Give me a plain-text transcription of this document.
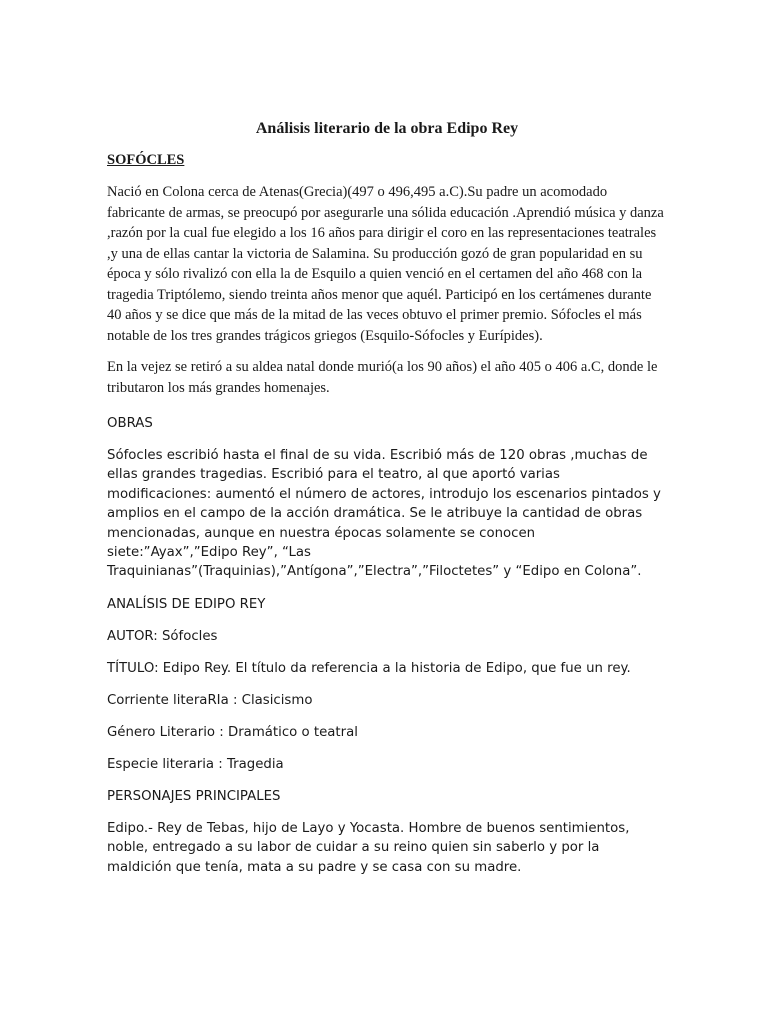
Análisis literario de la obra Edipo Rey
SOFÓCLES

Nació en Colona cerca de Atenas(Grecia)(497 o 496,495 a.C).Su padre un acomodado fabricante de armas, se preocupó por asegurarle una sólida educación .Aprendió música y danza ,razón por la cual fue elegido a los 16 años para dirigir el coro en las representaciones teatrales ,y una de ellas cantar la victoria de Salamina. Su producción gozó de gran popularidad en su época y sólo rivalizó con ella la de Esquilo a quien venció en el certamen del año 468 con la tragedia Triptólemo, siendo treinta años menor que aquél. Participó en los certámenes durante 40 años y se dice que más de la mitad de las veces obtuvo el primer premio. Sófocles el más notable de los tres grandes trágicos griegos (Esquilo-Sófocles y Eurípides).

En la vejez se retiró a su aldea natal donde murió(a los 90 años) el año 405 o 406 a.C, donde le tributaron los más grandes homenajes.

OBRAS

Sófocles escribió hasta el final de su vida. Escribió más de 120 obras ,muchas de ellas grandes tragedias. Escribió para el teatro, al que aportó varias modificaciones: aumentó el número de actores, introdujo los escenarios pintados y amplios en el campo de la acción dramática. Se le atribuye la cantidad de obras mencionadas, aunque en nuestra épocas solamente se conocen siete:”Ayax”,”Edipo Rey”, “Las Traquinianas”(Traquinias),”Antígona”,”Electra”,”Filoctetes” y “Edipo en Colona”.

ANALÍSIS DE EDIPO REY

AUTOR: Sófocles

TÍTULO: Edipo Rey. El título da referencia a la historia de Edipo, que fue un rey.

Corriente literaRIa : Clasicismo

Género Literario : Dramático o teatral

Especie literaria : Tragedia

PERSONAJES PRINCIPALES

Edipo.- Rey de Tebas, hijo de Layo y Yocasta. Hombre de buenos sentimientos, noble, entregado a su labor de cuidar a su reino quien sin saberlo y por la maldición que tenía, mata a su padre y se casa con su madre.
